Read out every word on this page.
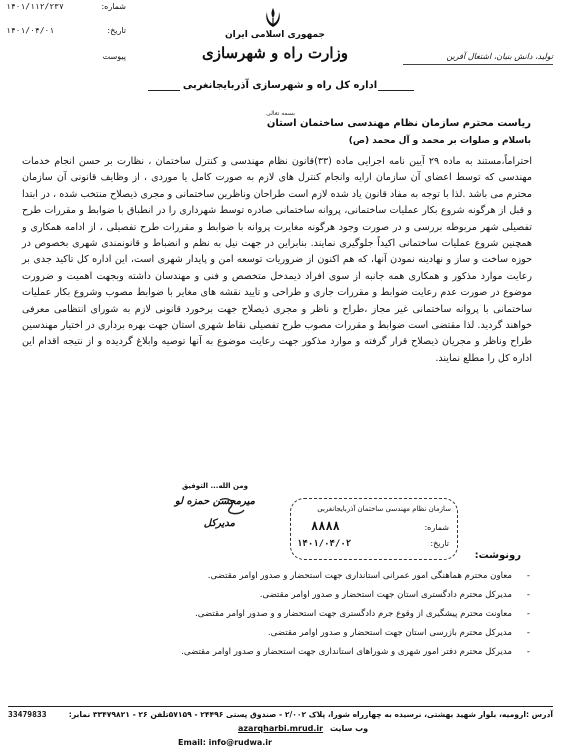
۱۴۰۱/۱۱۲/۲۳۷	شماره:
۱۴۰۱/۰۴/۰۱	تاریخ:
پیوست
جمهوری اسلامی ایران
وزارت راه و شهرسازی
اداره کل راه و شهرسازی آذربایجانغربی
تولید، دانش بنیان، اشتغال آفرین
بسمه تعالی
ریاست محترم سازمان نظام مهندسی ساختمان استان
باسلام و صلوات بر محمد و آل محمد (ص)
احتراماً،مستند به ماده ۲۹ آیین نامه اجرایی ماده (۳۳)قانون نظام مهندسی و کنترل ساختمان ، نظارت بر حسن انجام خدمات مهندسی که توسط اعضای آن سازمان ارایه وانجام کنترل های لازم به صورت کامل یا موردی ، از وظایف قانونی آن سازمان محترم می باشد .لذا با توجه به مفاد قانون یاد شده لازم است طراحان وناظرین ساختمانی و مجری ذیصلاح منتخب شده ، در ابتدا و قبل از هرگونه شروع بکار عملیات ساختمانی، پروانه ساختمانی صادره توسط شهرداری را در انطباق با ضوابط و مقررات طرح تفصیلی شهر مربوطه بررسی و در صورت وجود هرگونه مغایرت پروانه با ضوابط و مقررات طرح تفصیلی ، از ادامه همکاری و همچنین شروع عملیات ساختمانی اکیداً جلوگیری نمایند. بنابراین در جهت نیل به نظم و انضباط و قانونمندی شهری بخصوص در حوزه ساخت و ساز و نهادینه نمودن آنها، که هم اکنون از ضروریات توسعه امن و پایدار شهری است، این اداره کل تاکید جدی بر رعایت موارد مذکور و همکاری همه جانبه از سوی افراد ذیمدخل متخصص و فنی و مهندسان داشته وبجهت اهمیت و ضرورت موضوع در صورت عدم رعایت ضوابط و مقررات جاری و طراحی و تایید نقشه های مغایر با ضوابط مصوب وشروع بکار عملیات ساختمانی با پروانه ساختمانی غیر مجاز ،طراح و ناظر و مجری ذیصلاح جهت برخورد قانونی لازم به شورای انتظامی معرفی خواهند گردید. لذا مقتضی است ضوابط و مقررات مصوب طرح تفصیلی نقاط شهری استان جهت بهره برداری در اختیار مهندسین طراح وناظر و مجریان ذیصلاح قرار گرفته و موارد مذکور جهت رعایت موضوع به آنها توصیه وابلاغ گردیده و از نتیجه اقدام این اداره کل را مطلع نمایند.
ومن الله... التوفیق
میرمحسن حمزه لو
مدیرکل
سازمان نظام مهندسی ساختمان آذربایجانغربی
شماره:
۸۸۸۸
تاریخ:
۱۴۰۱/۰۴/۰۲
رونوشت:
-
معاون محترم هماهنگی امور عمرانی استانداری جهت استحضار و صدور اوامر مقتضی.
-
مدیرکل محترم دادگستری استان جهت استحضار و صدور اوامر مقتضی.
-
معاونت محترم پیشگیری از وقوع جرم دادگستری جهت استحضار و و صدور اوامر مقتضی.
-
مدیرکل محترم بازرسی استان جهت استحضار و صدور اوامر مقتضی.
-
مدیرکل محترم دفتر امور شهری و شوراهای استانداری جهت استحضار و صدور اوامر مقتضی.
33479833	آدرس :ارومیه، بلوار شهید بهشتی، نرسیده به چهارراه شورا، پلاک ۲/۰۰۲ - صندوق پستی ۲۴۴۹۶ - ۵۷۱۵۹تلفن ۲۶ - ۳۳۴۷۹۸۲۱ نمابر:
azarqharbi.mrud.ir وب سایت
Email: info@rudwa.ir
